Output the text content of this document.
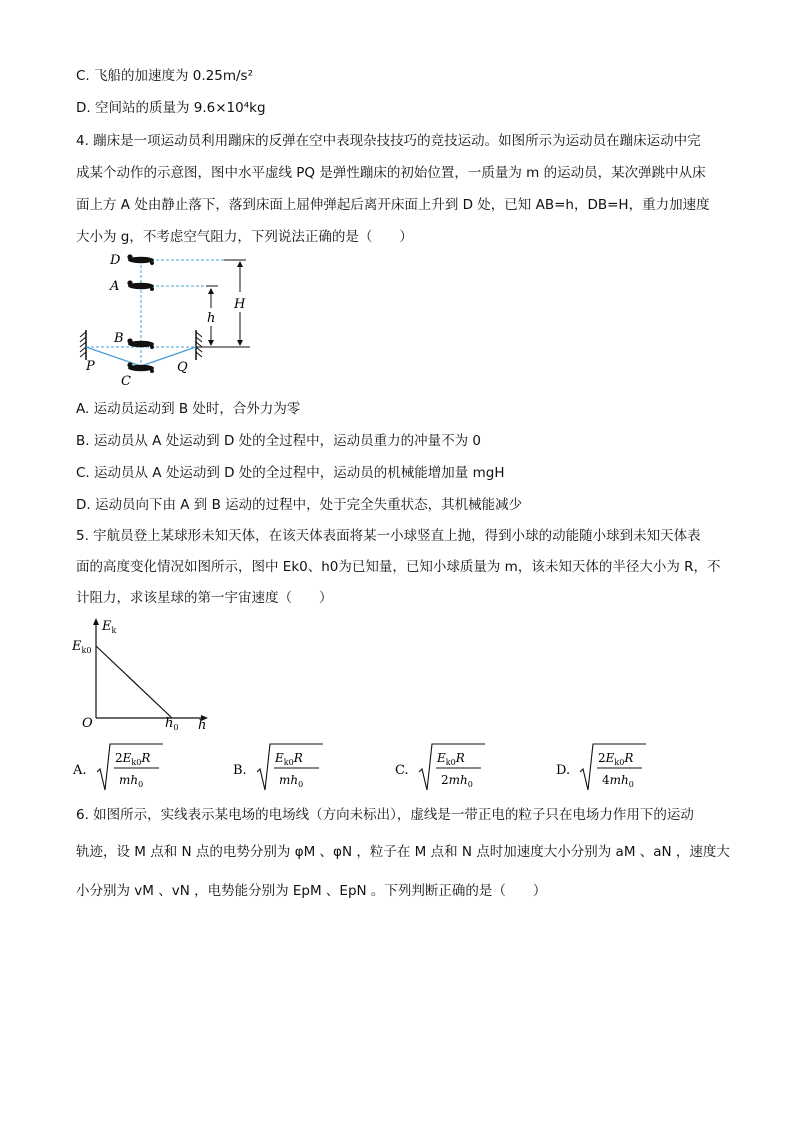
C. 飞船的加速度为 0.25m/s²
D. 空间站的质量为 9.6×10⁴kg
4. 蹦床是一项运动员利用蹦床的反弹在空中表现杂技技巧的竞技运动。如图所示为运动员在蹦床运动中完
成某个动作的示意图，图中水平虚线 PQ 是弹性蹦床的初始位置，一质量为 m 的运动员，某次弹跳中从床
面上方 A 处由静止落下，落到床面上屈伸弹起后离开床面上升到 D 处，已知 AB=h，DB=H，重力加速度
大小为 g，不考虑空气阻力，下列说法正确的是（　　）
D
A
B
C
P	Q
h
H
A. 运动员运动到 B 处时，合外力为零
B. 运动员从 A 处运动到 D 处的全过程中，运动员重力的冲量不为 0
C. 运动员从 A 处运动到 D 处的全过程中，运动员的机械能增加量 mgH
D. 运动员向下由 A 到 B 运动的过程中，处于完全失重状态，其机械能减少
5. 宇航员登上某球形未知天体，在该天体表面将某一小球竖直上抛，得到小球的动能随小球到未知天体表
面的高度变化情况如图所示，图中 Ek0、h0为已知量，已知小球质量为 m，该未知天体的半径大小为 R，不
计阻力，求该星球的第一宇宙速度（　　）
$E_k$
$E_{k0}$
O	$h_0$ h
A.
$2E_{k0}R$
$mh_0$
B.
$E_{k0}R$
$mh_0$
C.
$E_{k0}R$
$2mh_0$
D.
$2E_{k0}R$
$4mh_0$
6. 如图所示，实线表示某电场的电场线（方向未标出），虚线是一带正电的粒子只在电场力作用下的运动
轨迹，设 M 点和 N 点的电势分别为 φM 、φN ，粒子在 M 点和 N 点时加速度大小分别为 aM 、aN ，速度大
小分别为 vM 、vN ，电势能分别为 EpM 、EpN 。下列判断正确的是（　　）
